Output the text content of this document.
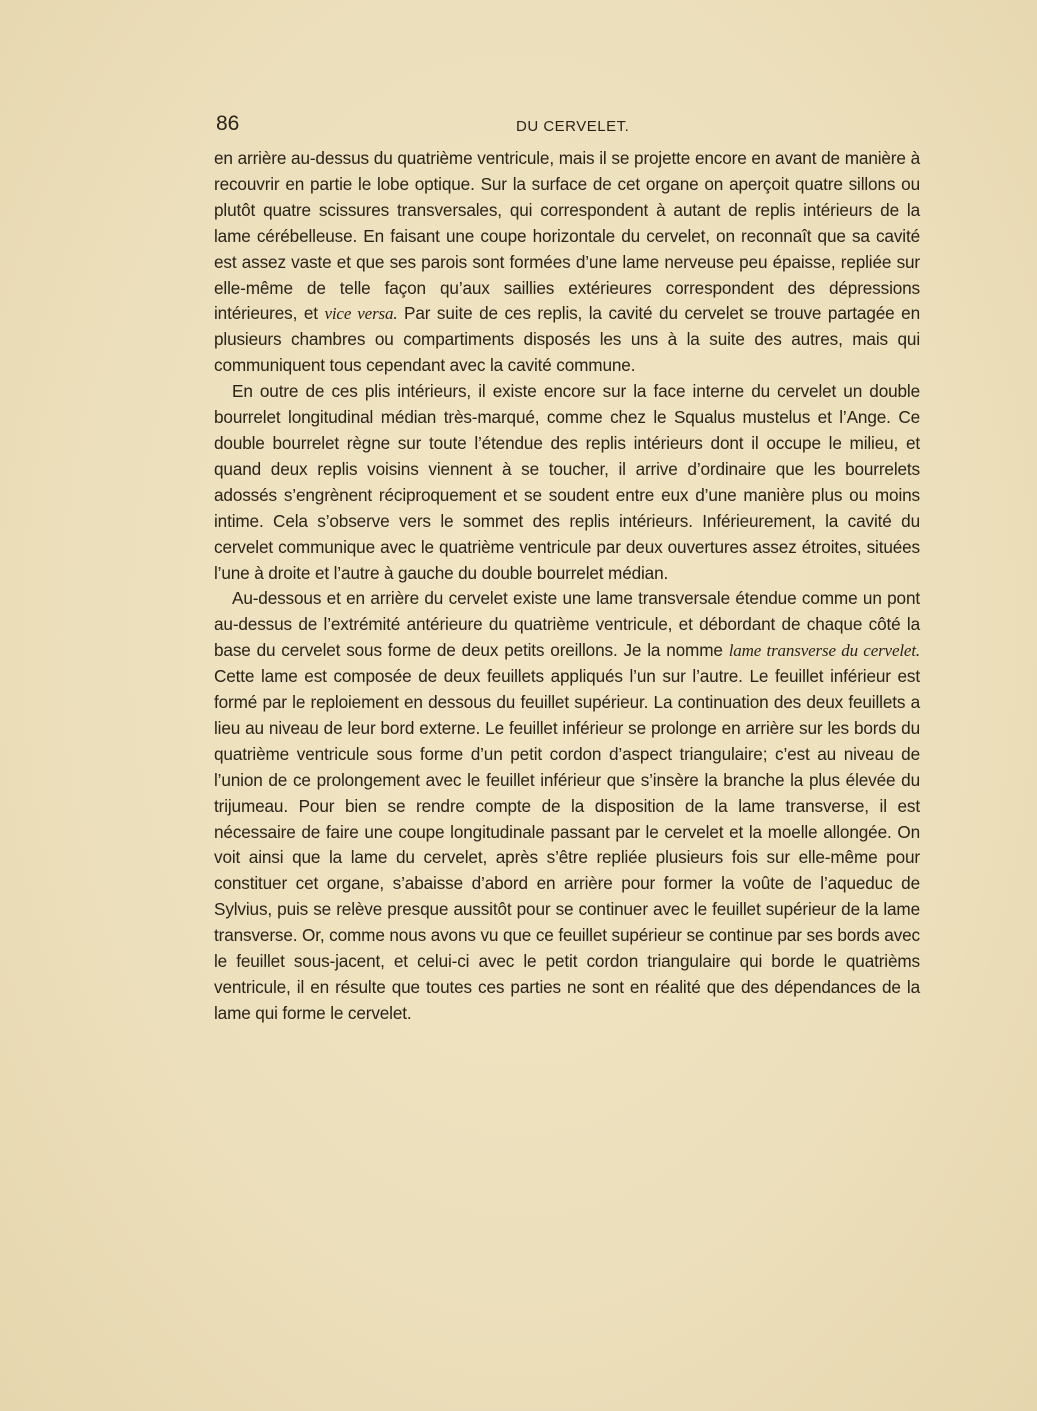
86	DU CERVELET.

en arrière au-dessus du quatrième ventricule, mais il se projette encore en avant de manière à recouvrir en partie le lobe optique. Sur la surface de cet organe on aperçoit quatre sillons ou plutôt quatre scissures transversales, qui correspondent à autant de replis intérieurs de la lame cérébelleuse. En faisant une coupe horizontale du cervelet, on reconnaît que sa cavité est assez vaste et que ses parois sont formées d’une lame nerveuse peu épaisse, repliée sur elle-même de telle façon qu’aux saillies extérieures correspondent des dépressions intérieures, et vice versa. Par suite de ces replis, la cavité du cervelet se trouve partagée en plusieurs chambres ou compartiments disposés les uns à la suite des autres, mais qui communiquent tous cependant avec la cavité commune.

En outre de ces plis intérieurs, il existe encore sur la face interne du cervelet un double bourrelet longitudinal médian très-marqué, comme chez le Squalus mustelus et l’Ange. Ce double bourrelet règne sur toute l’étendue des replis intérieurs dont il occupe le milieu, et quand deux replis voisins viennent à se toucher, il arrive d’ordinaire que les bourrelets adossés s’engrènent réciproquement et se soudent entre eux d’une manière plus ou moins intime. Cela s’observe vers le sommet des replis intérieurs. Inférieurement, la cavité du cervelet communique avec le quatrième ventricule par deux ouvertures assez étroites, situées l’une à droite et l’autre à gauche du double bourrelet médian.

Au-dessous et en arrière du cervelet existe une lame transversale étendue comme un pont au-dessus de l’extrémité antérieure du quatrième ventricule, et débordant de chaque côté la base du cervelet sous forme de deux petits oreillons. Je la nomme lame transverse du cervelet. Cette lame est composée de deux feuillets appliqués l’un sur l’autre. Le feuillet inférieur est formé par le reploiement en dessous du feuillet supérieur. La continuation des deux feuillets a lieu au niveau de leur bord externe. Le feuillet inférieur se prolonge en arrière sur les bords du quatrième ventricule sous forme d’un petit cordon d’aspect triangulaire; c’est au niveau de l’union de ce prolongement avec le feuillet inférieur que s’insère la branche la plus élevée du trijumeau. Pour bien se rendre compte de la disposition de la lame transverse, il est nécessaire de faire une coupe longitudinale passant par le cervelet et la moelle allongée. On voit ainsi que la lame du cervelet, après s’être repliée plusieurs fois sur elle-même pour constituer cet organe, s’abaisse d’abord en arrière pour former la voûte de l’aqueduc de Sylvius, puis se relève presque aussitôt pour se continuer avec le feuillet supérieur de la lame transverse. Or, comme nous avons vu que ce feuillet supérieur se continue par ses bords avec le feuillet sous-jacent, et celui-ci avec le petit cordon triangulaire qui borde le quatrièms ventricule, il en résulte que toutes ces parties ne sont en réalité que des dépendances de la lame qui forme le cervelet.
